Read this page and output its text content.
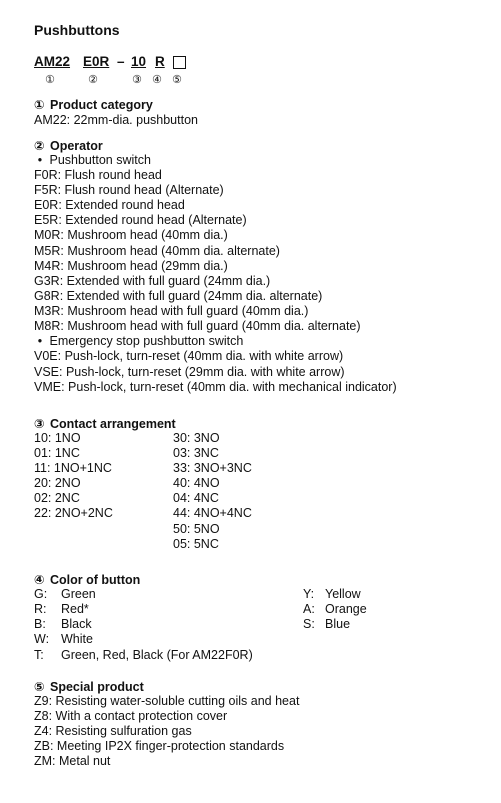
Pushbuttons
AM22 E0R – 10 R
①	②	③ ④ ⑤
① Product category
AM22: 22mm-dia. pushbutton
② Operator
• Pushbutton switch
F0R: Flush round head
F5R: Flush round head (Alternate)
E0R: Extended round head
E5R: Extended round head (Alternate)
M0R: Mushroom head (40mm dia.)
M5R: Mushroom head (40mm dia. alternate)
M4R: Mushroom head (29mm dia.)
G3R: Extended with full guard (24mm dia.)
G8R: Extended with full guard (24mm dia. alternate)
M3R: Mushroom head with full guard (40mm dia.)
M8R: Mushroom head with full guard (40mm dia. alternate)
• Emergency stop pushbutton switch
V0E: Push-lock, turn-reset (40mm dia. with white arrow)
VSE: Push-lock, turn-reset (29mm dia. with white arrow)
VME: Push-lock, turn-reset (40mm dia. with mechanical indicator)
③ Contact arrangement
10: 1NO
01: 1NC
11: 1NO+1NC
20: 2NO
02: 2NC
22: 2NO+2NC
30: 3NO
03: 3NC
33: 3NO+3NC
40: 4NO
04: 4NC
44: 4NO+4NC
50: 5NO
05: 5NC
④ Color of button
G: Green
R: Red*
B: Black
W: White
T: Green, Red, Black (For AM22F0R)
Y: Yellow
A: Orange
S: Blue
⑤ Special product
Z9: Resisting water-soluble cutting oils and heat
Z8: With a contact protection cover
Z4: Resisting sulfuration gas
ZB: Meeting IP2X finger-protection standards
ZM: Metal nut
